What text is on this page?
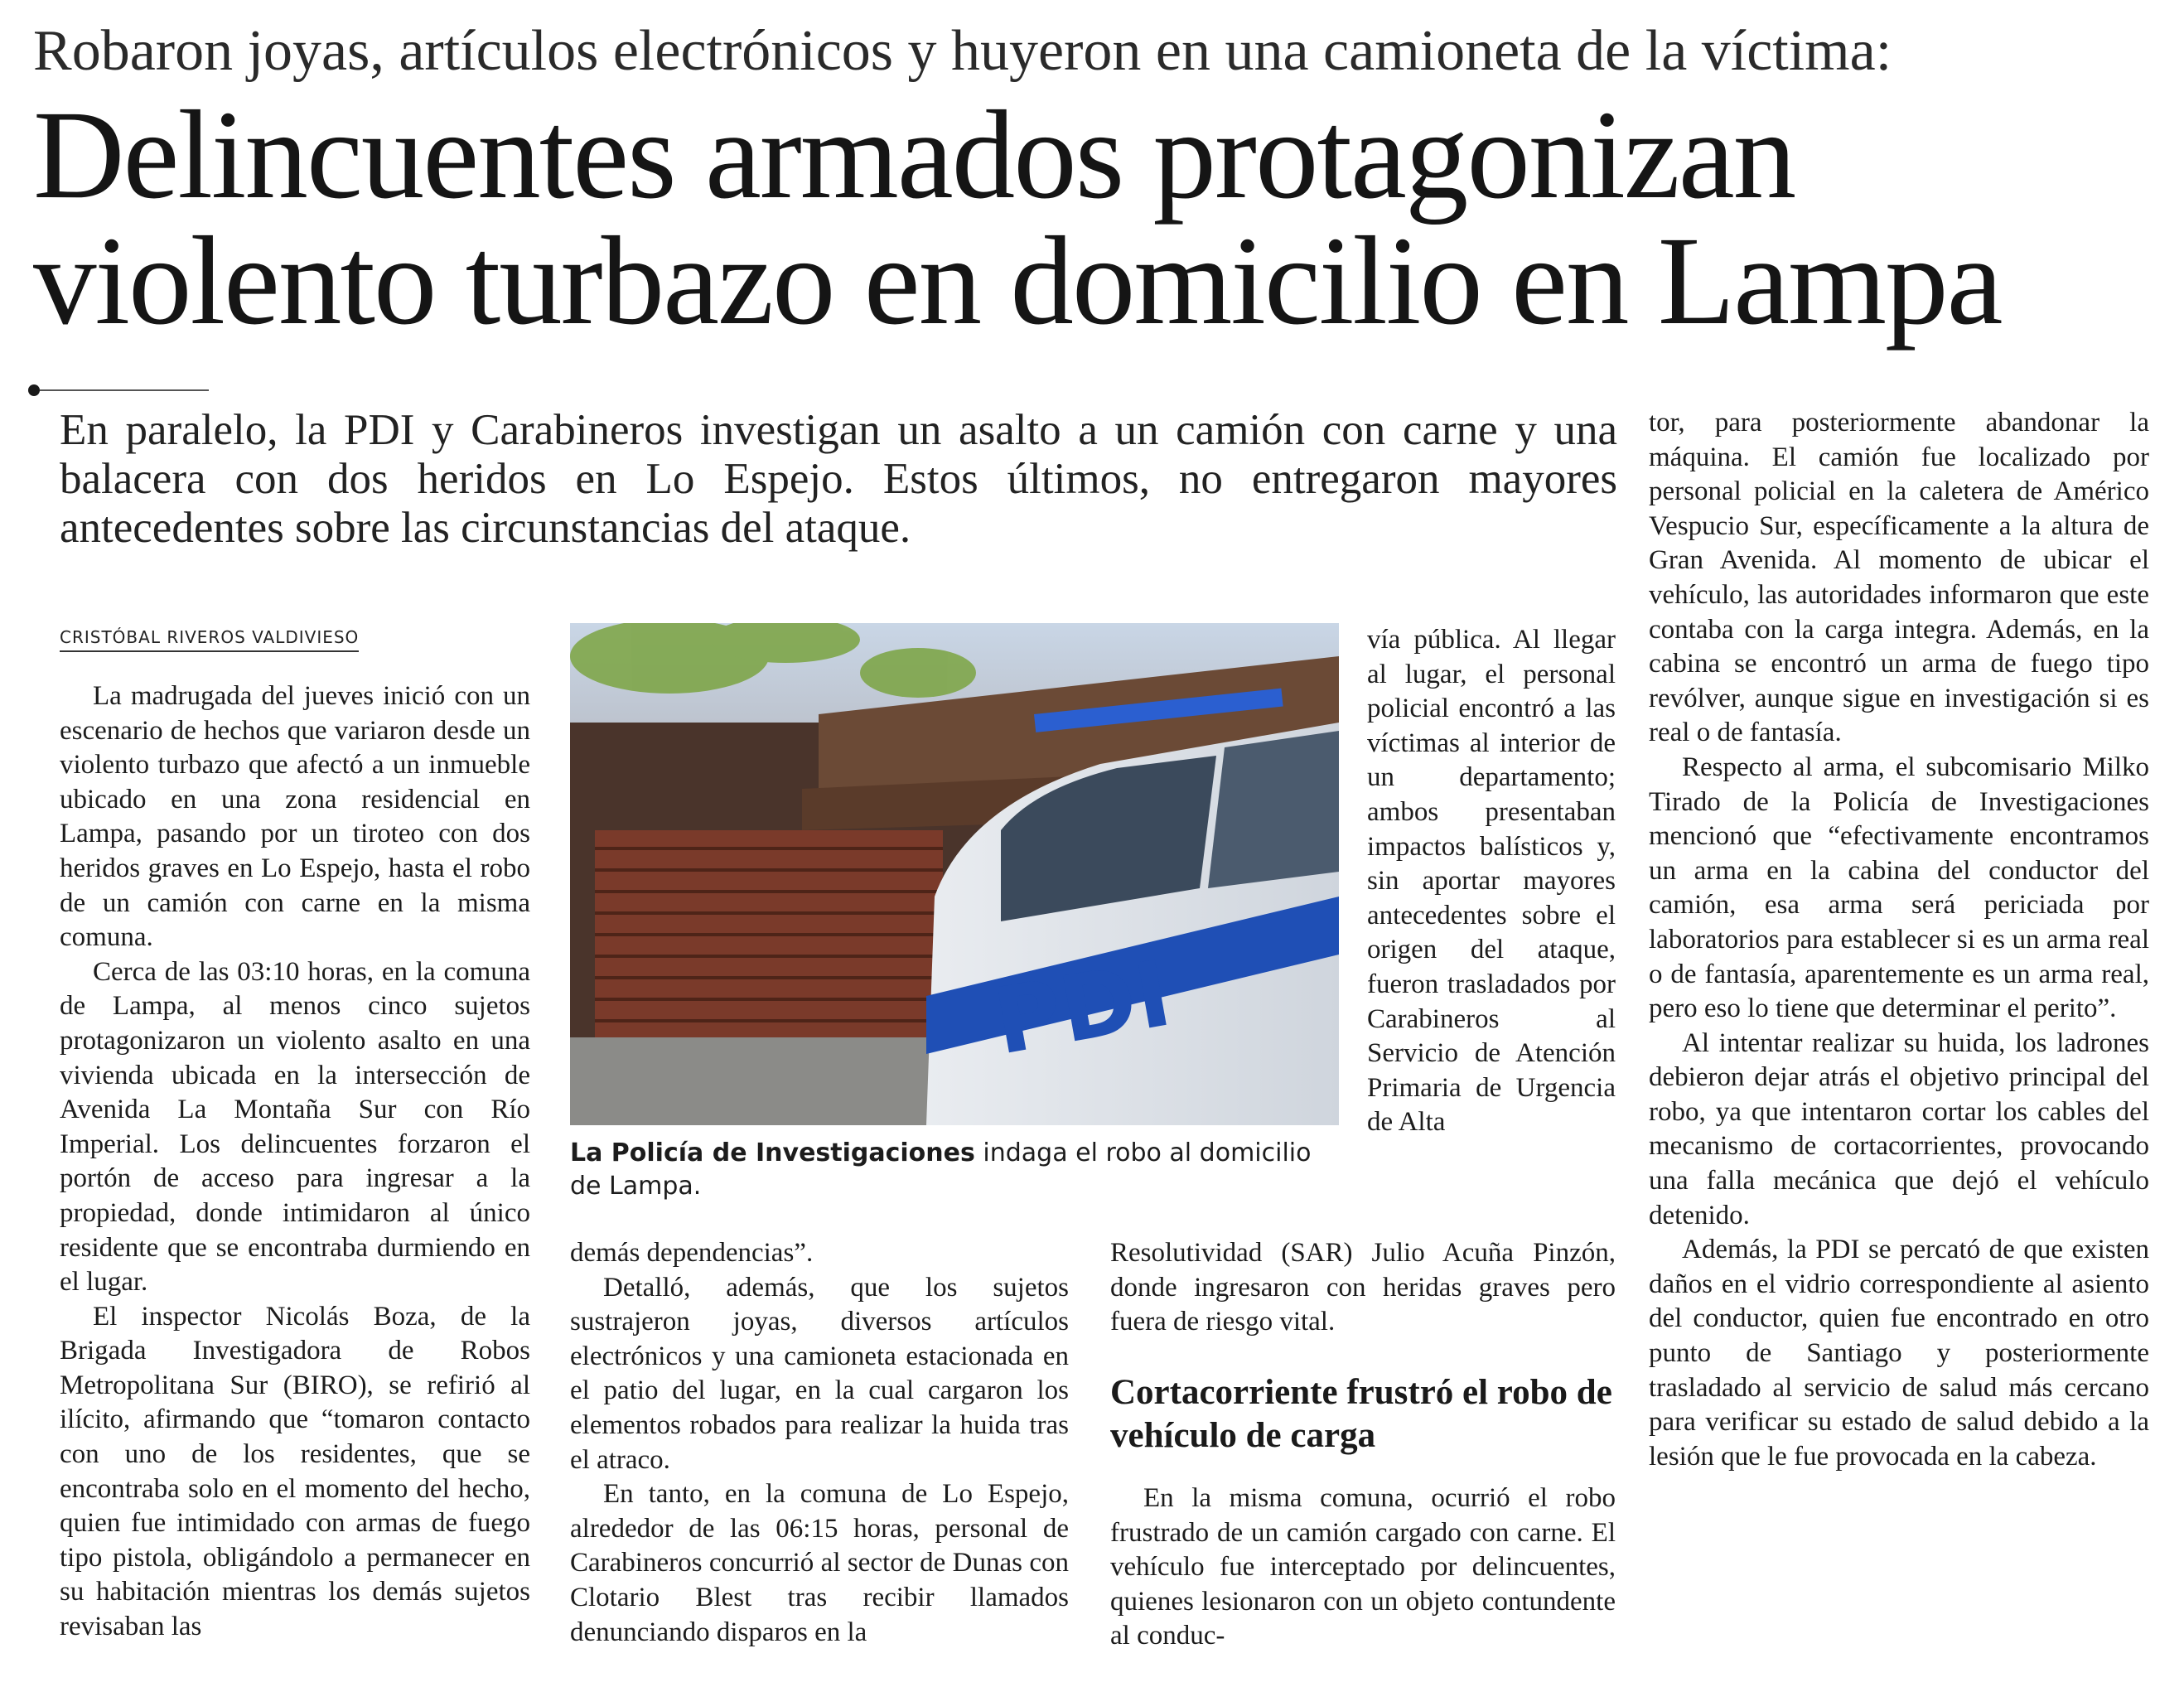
Robaron joyas, artículos electrónicos y huyeron en una camioneta de la víctima:
Delincuentes armados protagonizan
violento turbazo en domicilio en Lampa
En paralelo, la PDI y Carabineros investigan un asalto a un camión con carne y una balacera con dos heridos en Lo Espejo. Estos últimos, no entregaron mayores antecedentes sobre las circunstancias del ataque.
CRISTÓBAL RIVEROS VALDIVIESO

La madrugada del jueves inició con un escenario de hechos que variaron desde un violento turbazo que afectó a un inmueble ubicado en una zona residencial en Lampa, pasando por un tiroteo con dos heridos graves en Lo Espejo, hasta el robo de un camión con carne en la misma comuna.

Cerca de las 03:10 horas, en la comuna de Lampa, al menos cinco sujetos protagonizaron un violento asalto en una vivienda ubicada en la intersección de Avenida La Montaña Sur con Río Imperial. Los delincuentes forzaron el portón de acceso para ingresar a la propiedad, donde intimidaron al único residente que se encontraba durmiendo en el lugar.

El inspector Nicolás Boza, de la Brigada Investigadora de Robos Metropolitana Sur (BIRO), se refirió al ilícito, afirmando que “tomaron contacto con uno de los residentes, que se encontraba solo en el momento del hecho, quien fue intimidado con armas de fuego tipo pistola, obligándolo a permanecer en su habitación mientras los demás sujetos revisaban las

PDI
La Policía de Investigaciones indaga el robo al domicilio de Lampa.

demás dependencias”.

Detalló, además, que los sujetos sustrajeron joyas, diversos artículos electrónicos y una camioneta estacionada en el patio del lugar, en la cual cargaron los elementos robados para realizar la huida tras el atraco.

En tanto, en la comuna de Lo Espejo, alrededor de las 06:15 horas, personal de Carabineros concurrió al sector de Dunas con Clotario Blest tras recibir llamados denunciando disparos en la

vía pública. Al llegar al lugar, el personal policial encontró a las víctimas al interior de un departamento; ambos presentaban impactos balísticos y, sin aportar mayores antecedentes sobre el origen del ataque, fueron trasladados por Carabineros al Servicio de Atención Primaria de Urgencia de Alta

Resolutividad (SAR) Julio Acuña Pinzón, donde ingresaron con heridas graves pero fuera de riesgo vital.

Cortacorriente frustró el robo de vehículo de carga

En la misma comuna, ocurrió el robo frustrado de un camión cargado con carne. El vehículo fue interceptado por delincuentes, quienes lesionaron con un objeto contundente al conduc-

tor, para posteriormente abandonar la máquina. El camión fue localizado por personal policial en la caletera de Américo Vespucio Sur, específicamente a la altura de Gran Avenida. Al momento de ubicar el vehículo, las autoridades informaron que este contaba con la carga integra. Además, en la cabina se encontró un arma de fuego tipo revólver, aunque sigue en investigación si es real o de fantasía.

Respecto al arma, el subcomisario Milko Tirado de la Policía de Investigaciones mencionó que “efectivamente encontramos un arma en la cabina del conductor del camión, esa arma será periciada por laboratorios para establecer si es un arma real o de fantasía, aparentemente es un arma real, pero eso lo tiene que determinar el perito”.

Al intentar realizar su huida, los ladrones debieron dejar atrás el objetivo principal del robo, ya que intentaron cortar los cables del mecanismo de cortacorrientes, provocando una falla mecánica que dejó el vehículo detenido.

Además, la PDI se percató de que existen daños en el vidrio correspondiente al asiento del conductor, quien fue encontrado en otro punto de Santiago y posteriormente trasladado al servicio de salud más cercano para verificar su estado de salud debido a la lesión que le fue provocada en la cabeza.
